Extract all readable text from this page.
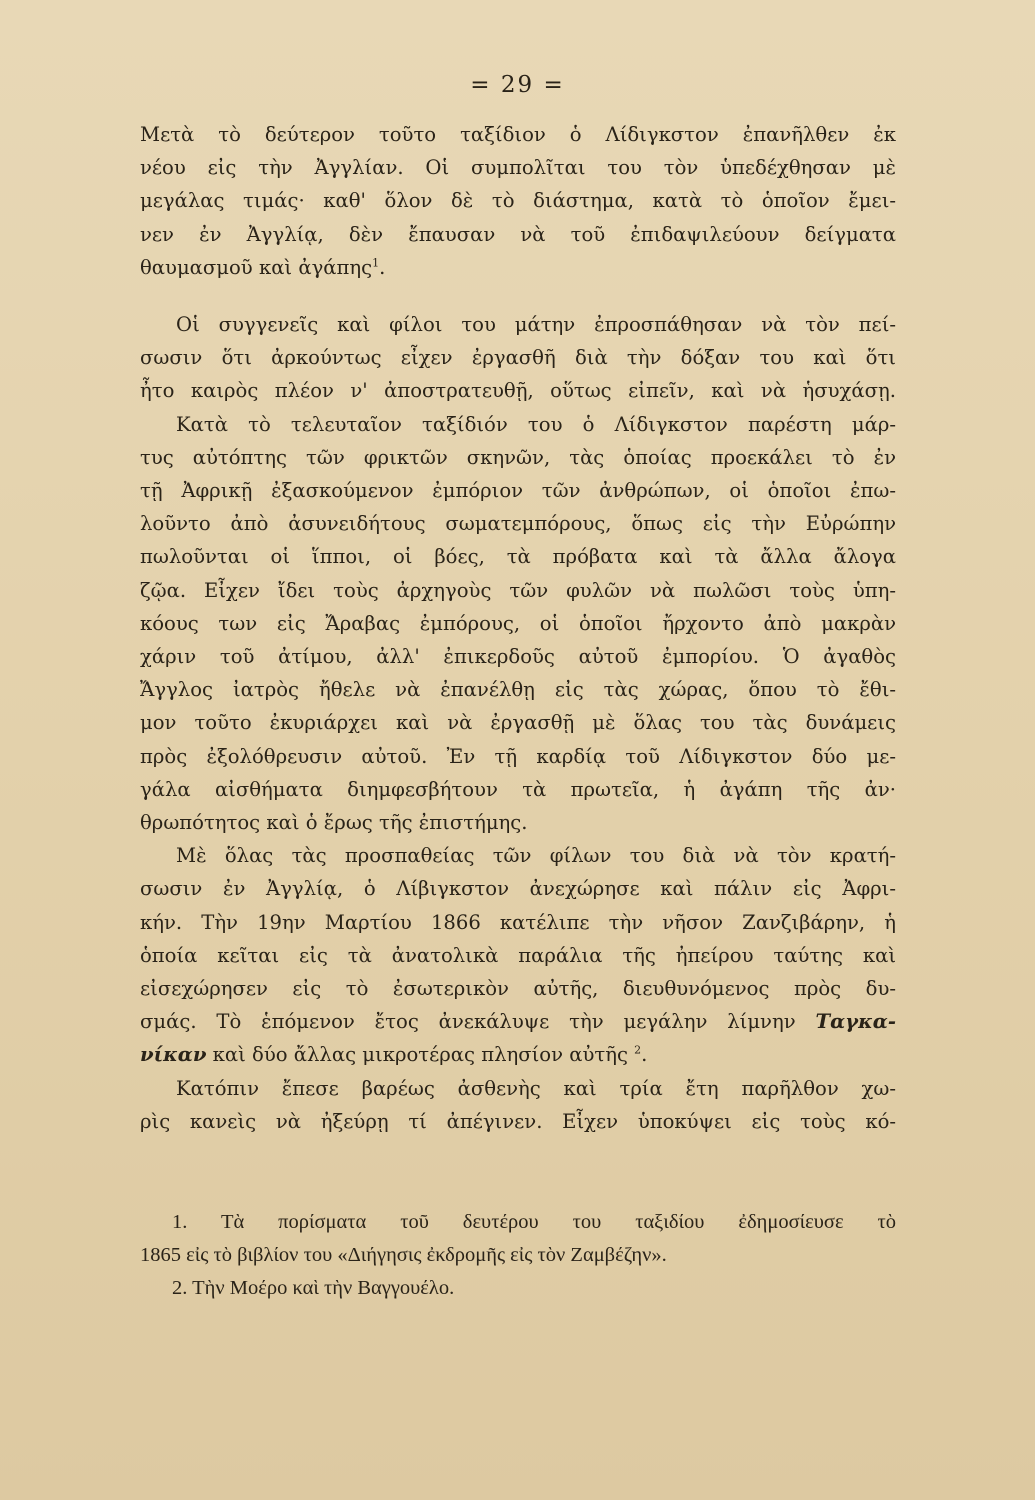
= 29 =

Μετὰ τὸ δεύτερον τοῦτο ταξίδιον ὁ Λίδιγκστον ἐπανῆλθεν ἐκ
νέου εἰς τὴν Ἀγγλίαν. Οἱ συμπολῖται του τὸν ὑπεδέχθησαν μὲ
μεγάλας τιμάς· καθ' ὅλον δὲ τὸ διάστημα, κατὰ τὸ ὁποῖον ἔμει-
νεν ἐν Ἀγγλίᾳ, δὲν ἔπαυσαν νὰ τοῦ ἐπιδαψιλεύουν δείγματα
θαυμασμοῦ καὶ ἀγάπης$^1$.

Οἱ συγγενεῖς καὶ φίλοι του μάτην ἐπροσπάθησαν νὰ τὸν πεί-
σωσιν ὅτι ἀρκούντως εἶχεν ἐργασθῆ διὰ τὴν δόξαν του καὶ ὅτι
ἦτο καιρὸς πλέον ν' ἀποστρατευθῇ, οὕτως εἰπεῖν, καὶ νὰ ἡσυχάσῃ.

Κατὰ τὸ τελευταῖον ταξίδιόν του ὁ Λίδιγκστον παρέστη μάρ-
τυς αὐτόπτης τῶν φρικτῶν σκηνῶν, τὰς ὁποίας προεκάλει τὸ ἐν
τῇ Ἀφρικῇ ἐξασκούμενον ἐμπόριον τῶν ἀνθρώπων, οἱ ὁποῖοι ἐπω-
λοῦντο ἀπὸ ἀσυνειδήτους σωματεμπόρους, ὅπως εἰς τὴν Εὐρώπην
πωλοῦνται οἱ ἵπποι, οἱ βόες, τὰ πρόβατα καὶ τὰ ἄλλα ἄλογα
ζῷα. Εἶχεν ἴδει τοὺς ἀρχηγοὺς τῶν φυλῶν νὰ πωλῶσι τοὺς ὑπη-
κόους των εἰς Ἄραβας ἐμπόρους, οἱ ὁποῖοι ἤρχοντο ἀπὸ μακρὰν
χάριν τοῦ ἀτίμου, ἀλλ' ἐπικερδοῦς αὐτοῦ ἐμπορίου. Ὁ ἀγαθὸς
Ἄγγλος ἰατρὸς ἤθελε νὰ ἐπανέλθῃ εἰς τὰς χώρας, ὅπου τὸ ἔθι-
μον τοῦτο ἐκυριάρχει καὶ νὰ ἐργασθῇ μὲ ὅλας του τὰς δυνάμεις
πρὸς ἐξολόθρευσιν αὐτοῦ. Ἐν τῇ καρδίᾳ τοῦ Λίδιγκστον δύο με-
γάλα αἰσθήματα διημφεσβήτουν τὰ πρωτεῖα, ἡ ἀγάπη τῆς ἀν·
θρωπότητος καὶ ὁ ἔρως τῆς ἐπιστήμης.

Μὲ ὅλας τὰς προσπαθείας τῶν φίλων του διὰ νὰ τὸν κρατή-
σωσιν ἐν Ἀγγλίᾳ, ὁ Λίβιγκστον ἀνεχώρησε καὶ πάλιν εἰς Ἀφρι-
κήν. Τὴν 19ην Μαρτίου 1866 κατέλιπε τὴν νῆσον Ζανζιβάρην, ἡ
ὁποία κεῖται εἰς τὰ ἀνατολικὰ παράλια τῆς ἠπείρου ταύτης καὶ
εἰσεχώρησεν εἰς τὸ ἐσωτερικὸν αὐτῆς, διευθυνόμενος πρὸς δυ-
σμάς. Τὸ ἑπόμενον ἔτος ἀνεκάλυψε τὴν μεγάλην λίμνην Ταγκα-
νίκαν καὶ δύο ἄλλας μικροτέρας πλησίον αὐτῆς $^2$.

Κατόπιν ἔπεσε βαρέως ἀσθενὴς καὶ τρία ἔτη παρῆλθον χω-
ρὶς κανεὶς νὰ ἠξεύρῃ τί ἀπέγινεν. Εἶχεν ὑποκύψει εἰς τοὺς κό-

1. Τὰ πορίσματα τοῦ δευτέρου του ταξιδίου ἐδημοσίευσε τὸ
1865 εἰς τὸ βιβλίον του «Διήγησις ἐκδρομῆς εἰς τὸν Ζαμβέζην».
2. Τὴν Μοέρο καὶ τὴν Βαγγουέλο.
